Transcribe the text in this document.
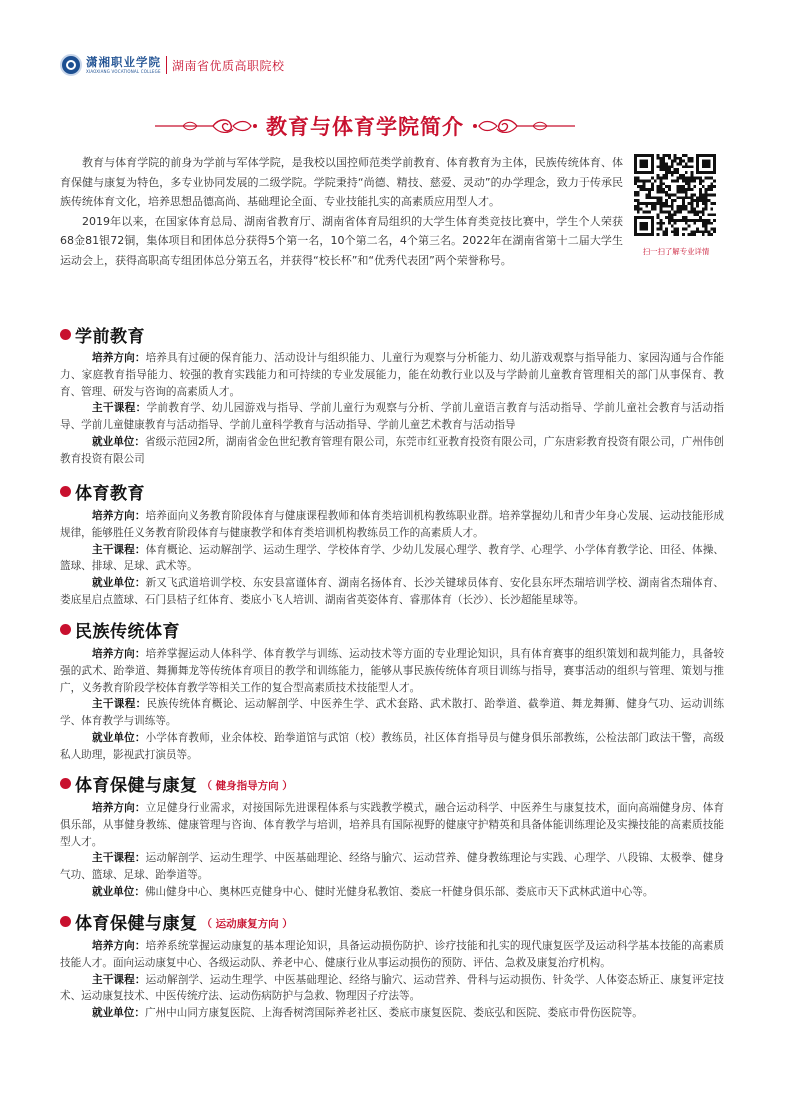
潇湘职业学院
XIAOXIANG VOCATIONAL COLLEGE 湖南省优质高职院校
教育与体育学院简介

教育与体育学院的前身为学前与军体学院，是我校以国控师范类学前教育、体育教育为主体，民族传统体育、体育保健与康复为特色，多专业协同发展的二级学院。学院秉持“尚德、精技、慈爱、灵动”的办学理念，致力于传承民族传统体育文化，培养思想品德高尚、基础理论全面、专业技能扎实的高素质应用型人才。

2019年以来，在国家体育总局、湖南省教育厅、湖南省体育局组织的大学生体育类竞技比赛中，学生个人荣获68金81银72铜，集体项目和团体总分获得5个第一名，10个第二名，4个第三名。2022年在湖南省第十二届大学生运动会上，获得高职高专组团体总分第五名，并获得“校长杯”和“优秀代表团”两个荣誉称号。

扫一扫了解专业详情
学前教育

培养方向：培养具有过硬的保育能力、活动设计与组织能力、儿童行为观察与分析能力、幼儿游戏观察与指导能力、家园沟通与合作能力、家庭教育指导能力、较强的教育实践能力和可持续的专业发展能力，能在幼教行业以及与学龄前儿童教育管理相关的部门从事保育、教育、管理、研发与咨询的高素质人才。

主干课程：学前教育学、幼儿园游戏与指导、学前儿童行为观察与分析、学前儿童语言教育与活动指导、学前儿童社会教育与活动指导、学前儿童健康教育与活动指导、学前儿童科学教育与活动指导、学前儿童艺术教育与活动指导

就业单位：省级示范园2所，湖南省金色世纪教育管理有限公司，东莞市红亚教育投资有限公司，广东唐彩教育投资有限公司，广州伟创教育投资有限公司

体育教育

培养方向：培养面向义务教育阶段体育与健康课程教师和体育类培训机构教练职业群。培养掌握幼儿和青少年身心发展、运动技能形成规律，能够胜任义务教育阶段体育与健康教学和体育类培训机构教练员工作的高素质人才。

主干课程：体育概论、运动解剖学、运动生理学、学校体育学、少幼儿发展心理学、教育学、心理学、小学体育教学论、田径、体操、篮球、排球、足球、武术等。

就业单位：新又飞武道培训学校、东安县富谨体育、湖南名扬体育、长沙关键球员体育、安化县东坪杰瑞培训学校、湖南省杰瑞体育、娄底星启点篮球、石门县桔子红体育、娄底小飞人培训、湖南省英姿体育、睿那体育（长沙）、长沙超能星球等。

民族传统体育

培养方向：培养掌握运动人体科学、体育教学与训练、运动技术等方面的专业理论知识，具有体育赛事的组织策划和裁判能力，具备较强的武术、跆拳道、舞狮舞龙等传统体育项目的教学和训练能力，能够从事民族传统体育项目训练与指导，赛事活动的组织与管理、策划与推广，义务教育阶段学校体育教学等相关工作的复合型高素质技术技能型人才。

主干课程：民族传统体育概论、运动解剖学、中医养生学、武术套路、武术散打、跆拳道、截拳道、舞龙舞狮、健身气功、运动训练学、体育教学与训练等。

就业单位：小学体育教师，业余体校、跆拳道馆与武馆（校）教练员，社区体育指导员与健身俱乐部教练，公检法部门政法干警，高级私人助理，影视武打演员等。

体育保健与康复 （ 健身指导方向 ）

培养方向：立足健身行业需求，对接国际先进课程体系与实践教学模式，融合运动科学、中医养生与康复技术，面向高端健身房、体育俱乐部，从事健身教练、健康管理与咨询、体育教学与培训，培养具有国际视野的健康守护精英和具备体能训练理论及实操技能的高素质技能型人才。

主干课程：运动解剖学、运动生理学、中医基础理论、经络与腧穴、运动营养、健身教练理论与实践、心理学、八段锦、太极拳、健身气功、篮球、足球、跆拳道等。

就业单位：佛山健身中心、奥林匹克健身中心、健时光健身私教馆、娄底一杆健身俱乐部、娄底市天下武林武道中心等。

体育保健与康复 （ 运动康复方向 ）

培养方向：培养系统掌握运动康复的基本理论知识，具备运动损伤防护、诊疗技能和扎实的现代康复医学及运动科学基本技能的高素质技能人才。面向运动康复中心、各级运动队、养老中心、健康行业从事运动损伤的预防、评估、急救及康复治疗机构。

主干课程：运动解剖学、运动生理学、中医基础理论、经络与腧穴、运动营养、骨科与运动损伤、针灸学、人体姿态矫正、康复评定技术、运动康复技术、中医传统疗法、运动伤病防护与急救、物理因子疗法等。

就业单位：广州中山同方康复医院、上海香树湾国际养老社区、娄底市康复医院、娄底弘和医院、娄底市骨伤医院等。
